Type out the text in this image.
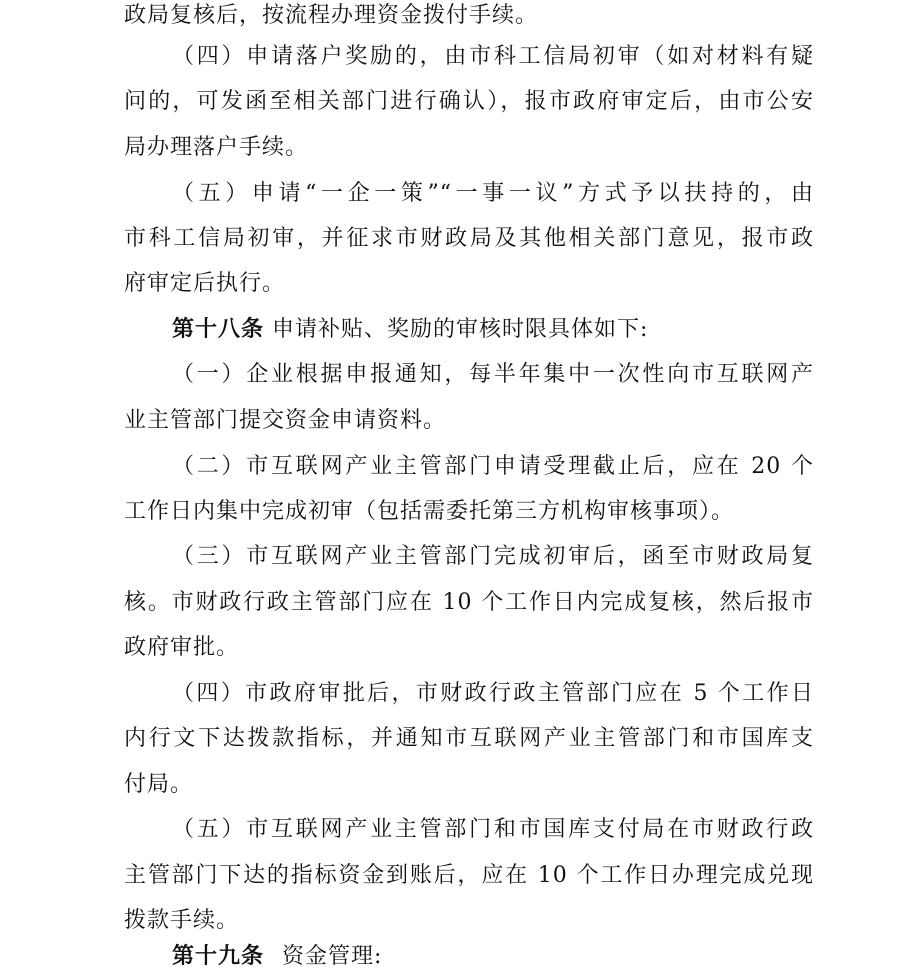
政局复核后，按流程办理资金拨付手续。
（四）申请落户奖励的，由市科工信局初审（如对材料有疑
问的，可发函至相关部门进行确认），报市政府审定后，由市公安
局办理落户手续。
（五）申请“一企一策”“一事一议”方式予以扶持的，由
市科工信局初审，并征求市财政局及其他相关部门意见，报市政
府审定后执行。
第十八条 申请补贴、奖励的审核时限具体如下:
（一）企业根据申报通知，每半年集中一次性向市互联网产
业主管部门提交资金申请资料。
（二）市互联网产业主管部门申请受理截止后，应在 20 个
工作日内集中完成初审（包括需委托第三方机构审核事项）。
（三）市互联网产业主管部门完成初审后，函至市财政局复
核。市财政行政主管部门应在 10 个工作日内完成复核，然后报市
政府审批。
（四）市政府审批后，市财政行政主管部门应在 5 个工作日
内行文下达拨款指标，并通知市互联网产业主管部门和市国库支
付局。
（五）市互联网产业主管部门和市国库支付局在市财政行政
主管部门下达的指标资金到账后，应在 10 个工作日办理完成兑现
拨款手续。
第十九条 资金管理:
